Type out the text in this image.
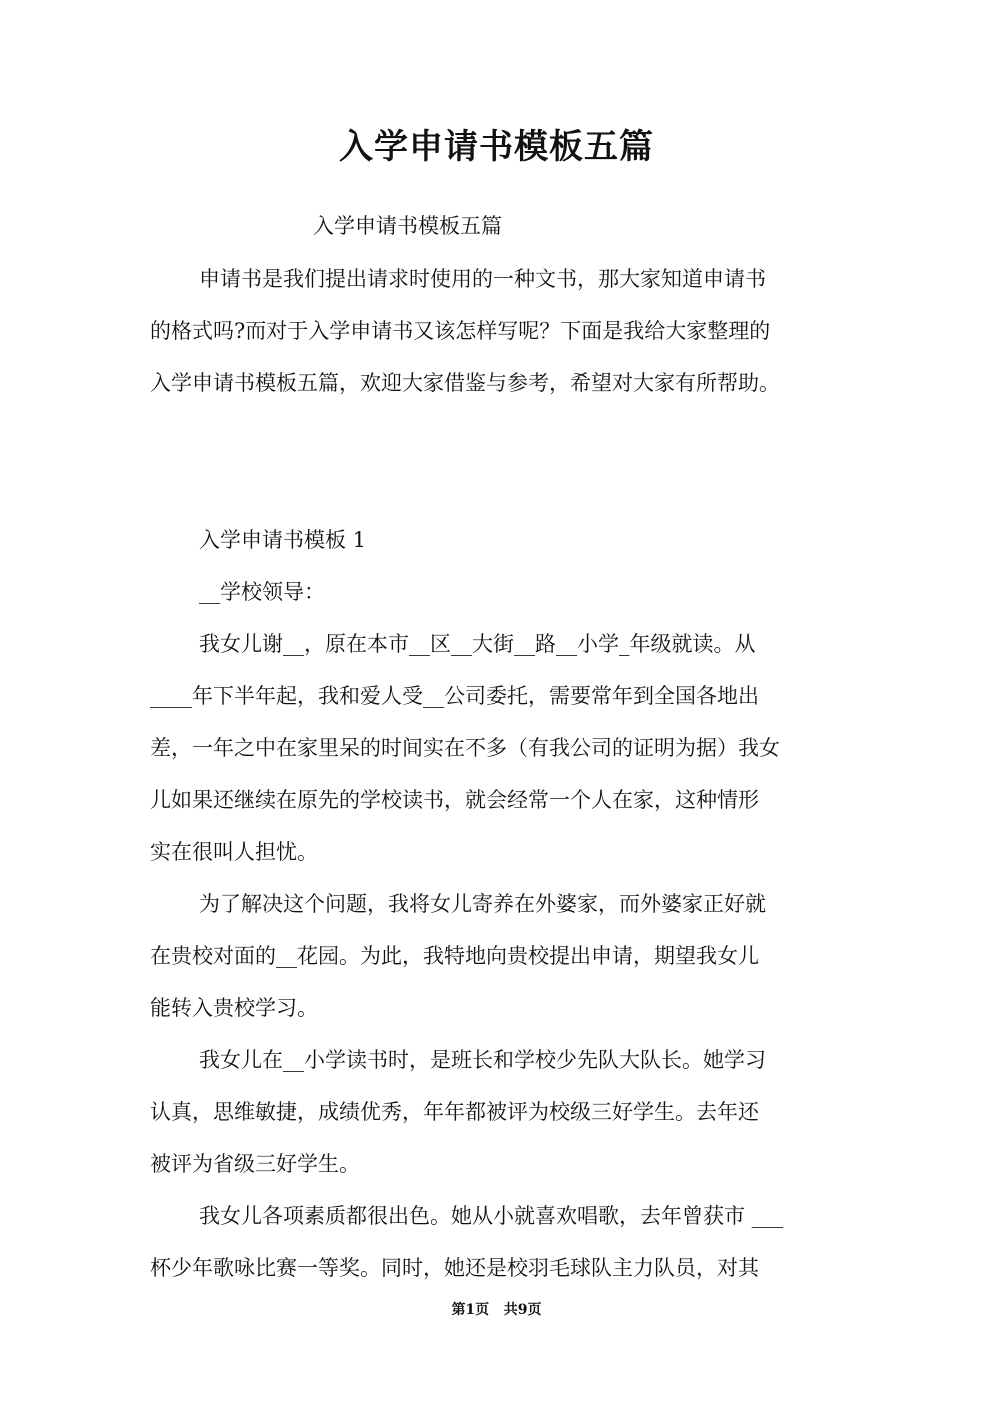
入学申请书模板五篇

入学申请书模板五篇

申请书是我们提出请求时使用的一种文书，那大家知道申请书

的格式吗?而对于入学申请书又该怎样写呢？下面是我给大家整理的

入学申请书模板五篇，欢迎大家借鉴与参考，希望对大家有所帮助。

入学申请书模板 1

__学校领导：

我女儿谢__，原在本市__区__大街__路__小学_年级就读。从

____年下半年起，我和爱人受__公司委托，需要常年到全国各地出

差，一年之中在家里呆的时间实在不多（有我公司的证明为据）我女

儿如果还继续在原先的学校读书，就会经常一个人在家，这种情形

实在很叫人担忧。

为了解决这个问题，我将女儿寄养在外婆家，而外婆家正好就

在贵校对面的__花园。为此，我特地向贵校提出申请，期望我女儿

能转入贵校学习。

我女儿在__小学读书时，是班长和学校少先队大队长。她学习

认真，思维敏捷，成绩优秀，年年都被评为校级三好学生。去年还

被评为省级三好学生。

我女儿各项素质都很出色。她从小就喜欢唱歌，去年曾获市 ___

杯少年歌咏比赛一等奖。同时，她还是校羽毛球队主力队员，对其

第1页   共9页
